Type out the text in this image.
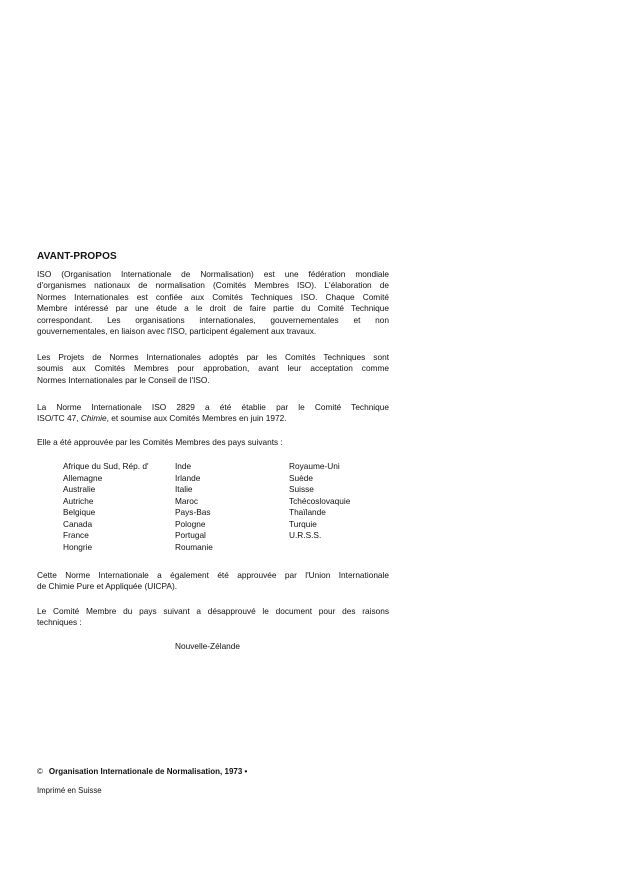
AVANT-PROPOS

ISO (Organisation Internationale de Normalisation) est une fédération mondiale
d'organismes nationaux de normalisation (Comités Membres ISO). L'élaboration de
Normes Internationales est confiée aux Comités Techniques ISO. Chaque Comité
Membre intéressé par une étude a le droit de faire partie du Comité Technique
correspondant. Les organisations internationales, gouvernementales et non
gouvernementales, en liaison avec l'ISO, participent également aux travaux.

Les Projets de Normes Internationales adoptés par les Comités Techniques sont
soumis aux Comités Membres pour approbation, avant leur acceptation comme
Normes Internationales par le Conseil de l'ISO.

La Norme Internationale ISO 2829 a été établie par le Comité Technique
ISO/TC 47, Chimie, et soumise aux Comités Membres en juin 1972.

Elle a été approuvée par les Comités Membres des pays suivants :

Afrique du Sud, Rép. d'
Allemagne
Australie
Autriche
Belgique
Canada
France
Hongrie
Inde
Irlande
Italie
Maroc
Pays-Bas
Pologne
Portugal
Roumanie
Royaume-Uni
Suède
Suisse
Tchécoslovaquie
Thaïlande
Turquie
U.R.S.S.

Cette Norme Internationale a également été approuvée par l'Union Internationale
de Chimie Pure et Appliquée (UICPA).

Le Comité Membre du pays suivant a désapprouvé le document pour des raisons
techniques :

Nouvelle-Zélande
© Organisation Internationale de Normalisation, 1973 •
Imprimé en Suisse
